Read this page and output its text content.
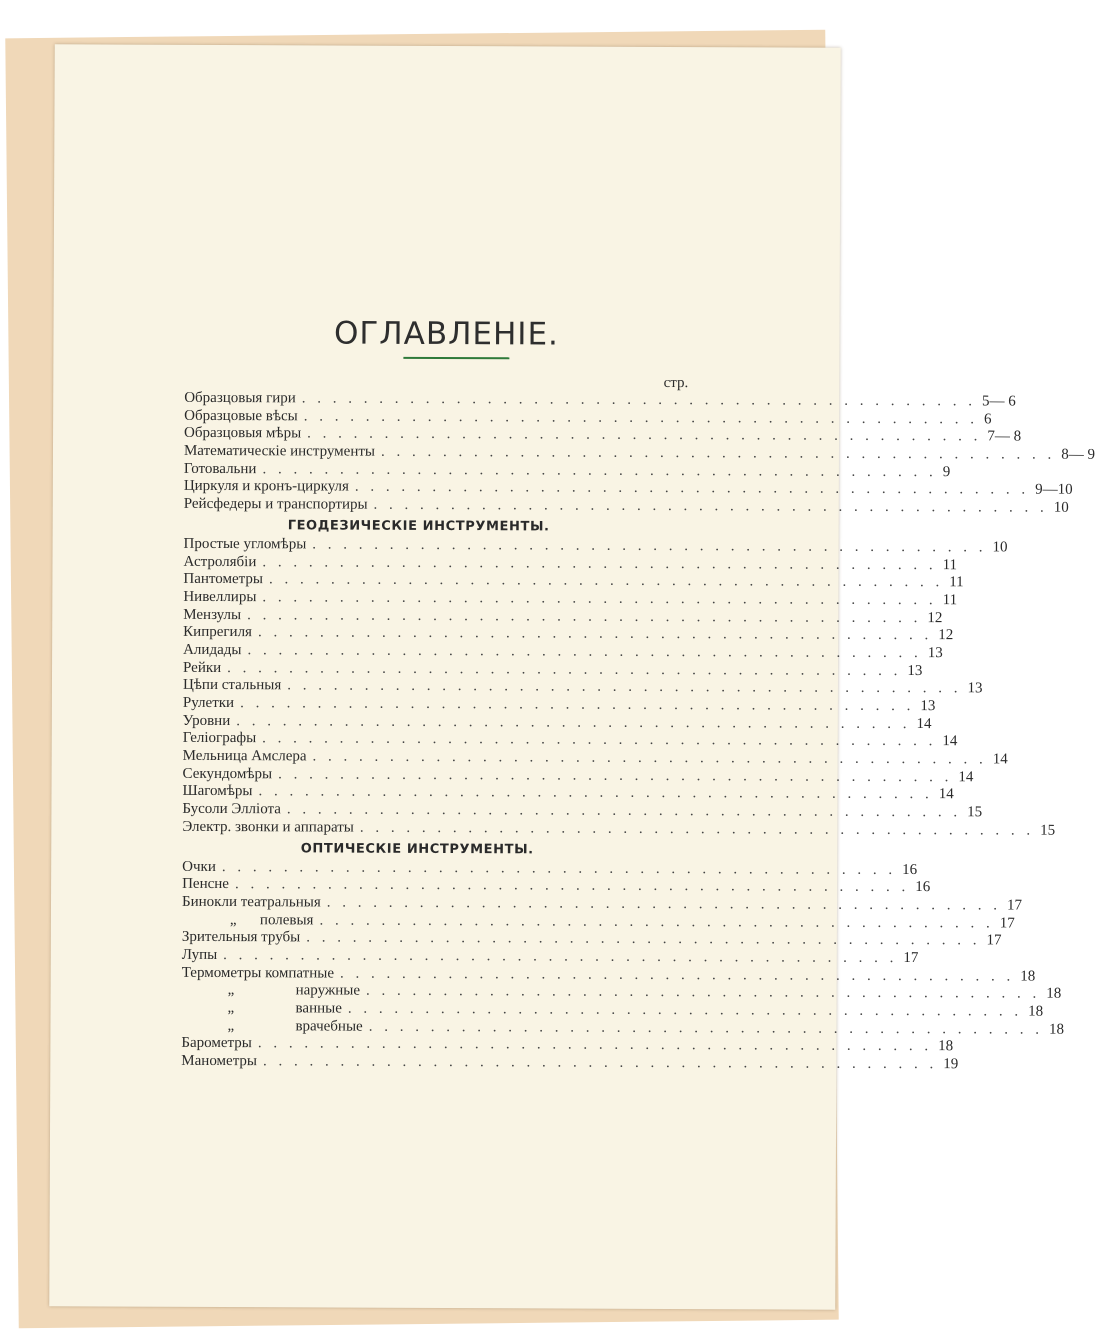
ОГЛАВЛЕНІЕ.
стр.
Образцовыя гири . . . . . . . . . . . . . . . . . . . . . . . . . . . . . . . . . . . . . . . . . . . . 5— 6
Образцовые вѣсы . . . . . . . . . . . . . . . . . . . . . . . . . . . . . . . . . . . . . . . . . . . . 6
Образцовыя мѣры . . . . . . . . . . . . . . . . . . . . . . . . . . . . . . . . . . . . . . . . . . . . 7— 8
Математическіе инструменты . . . . . . . . . . . . . . . . . . . . . . . . . . . . . . . . . . . . . . . . . . . . 8— 9
Готовальни . . . . . . . . . . . . . . . . . . . . . . . . . . . . . . . . . . . . . . . . . . . . 9
Циркуля и кронъ-циркуля . . . . . . . . . . . . . . . . . . . . . . . . . . . . . . . . . . . . . . . . . . . . 9—10
Рейсфедеры и транспортиры . . . . . . . . . . . . . . . . . . . . . . . . . . . . . . . . . . . . . . . . . . . . 10
ГЕОДЕЗИЧЕСКІЕ ИНСТРУМЕНТЫ.
Простые угломѣры . . . . . . . . . . . . . . . . . . . . . . . . . . . . . . . . . . . . . . . . . . . . 10
Астролябіи . . . . . . . . . . . . . . . . . . . . . . . . . . . . . . . . . . . . . . . . . . . . 11
Пантометры . . . . . . . . . . . . . . . . . . . . . . . . . . . . . . . . . . . . . . . . . . . . 11
Нивеллиры . . . . . . . . . . . . . . . . . . . . . . . . . . . . . . . . . . . . . . . . . . . . 11
Мензулы . . . . . . . . . . . . . . . . . . . . . . . . . . . . . . . . . . . . . . . . . . . . 12
Кипрегиля . . . . . . . . . . . . . . . . . . . . . . . . . . . . . . . . . . . . . . . . . . . . 12
Алидады . . . . . . . . . . . . . . . . . . . . . . . . . . . . . . . . . . . . . . . . . . . . 13
Рейки . . . . . . . . . . . . . . . . . . . . . . . . . . . . . . . . . . . . . . . . . . . . 13
Цѣпи стальныя . . . . . . . . . . . . . . . . . . . . . . . . . . . . . . . . . . . . . . . . . . . . 13
Рулетки . . . . . . . . . . . . . . . . . . . . . . . . . . . . . . . . . . . . . . . . . . . . 13
Уровни . . . . . . . . . . . . . . . . . . . . . . . . . . . . . . . . . . . . . . . . . . . . 14
Геліографы . . . . . . . . . . . . . . . . . . . . . . . . . . . . . . . . . . . . . . . . . . . . 14
Мельница Амслера . . . . . . . . . . . . . . . . . . . . . . . . . . . . . . . . . . . . . . . . . . . . 14
Секундомѣры . . . . . . . . . . . . . . . . . . . . . . . . . . . . . . . . . . . . . . . . . . . . 14
Шагомѣры . . . . . . . . . . . . . . . . . . . . . . . . . . . . . . . . . . . . . . . . . . . . 14
Бусоли Элліота . . . . . . . . . . . . . . . . . . . . . . . . . . . . . . . . . . . . . . . . . . . . 15
Электр. звонки и аппараты . . . . . . . . . . . . . . . . . . . . . . . . . . . . . . . . . . . . . . . . . . . . 15
ОПТИЧЕСКІЕ ИНСТРУМЕНТЫ.
Очки . . . . . . . . . . . . . . . . . . . . . . . . . . . . . . . . . . . . . . . . . . . . 16
Пенсне . . . . . . . . . . . . . . . . . . . . . . . . . . . . . . . . . . . . . . . . . . . . 16
Бинокли театральныя . . . . . . . . . . . . . . . . . . . . . . . . . . . . . . . . . . . . . . . . . . . . 17
„ полевыя . . . . . . . . . . . . . . . . . . . . . . . . . . . . . . . . . . . . . . . . . . . . 17
Зрительныя трубы . . . . . . . . . . . . . . . . . . . . . . . . . . . . . . . . . . . . . . . . . . . . 17
Лупы . . . . . . . . . . . . . . . . . . . . . . . . . . . . . . . . . . . . . . . . . . . . 17
Термометры компатные . . . . . . . . . . . . . . . . . . . . . . . . . . . . . . . . . . . . . . . . . . . . 18
„	наружные . . . . . . . . . . . . . . . . . . . . . . . . . . . . . . . . . . . . . . . . . . . . 18
„	ванные . . . . . . . . . . . . . . . . . . . . . . . . . . . . . . . . . . . . . . . . . . . . 18
„	врачебные . . . . . . . . . . . . . . . . . . . . . . . . . . . . . . . . . . . . . . . . . . . . 18
Барометры . . . . . . . . . . . . . . . . . . . . . . . . . . . . . . . . . . . . . . . . . . . . 18
Манометры . . . . . . . . . . . . . . . . . . . . . . . . . . . . . . . . . . . . . . . . . . . . 19
